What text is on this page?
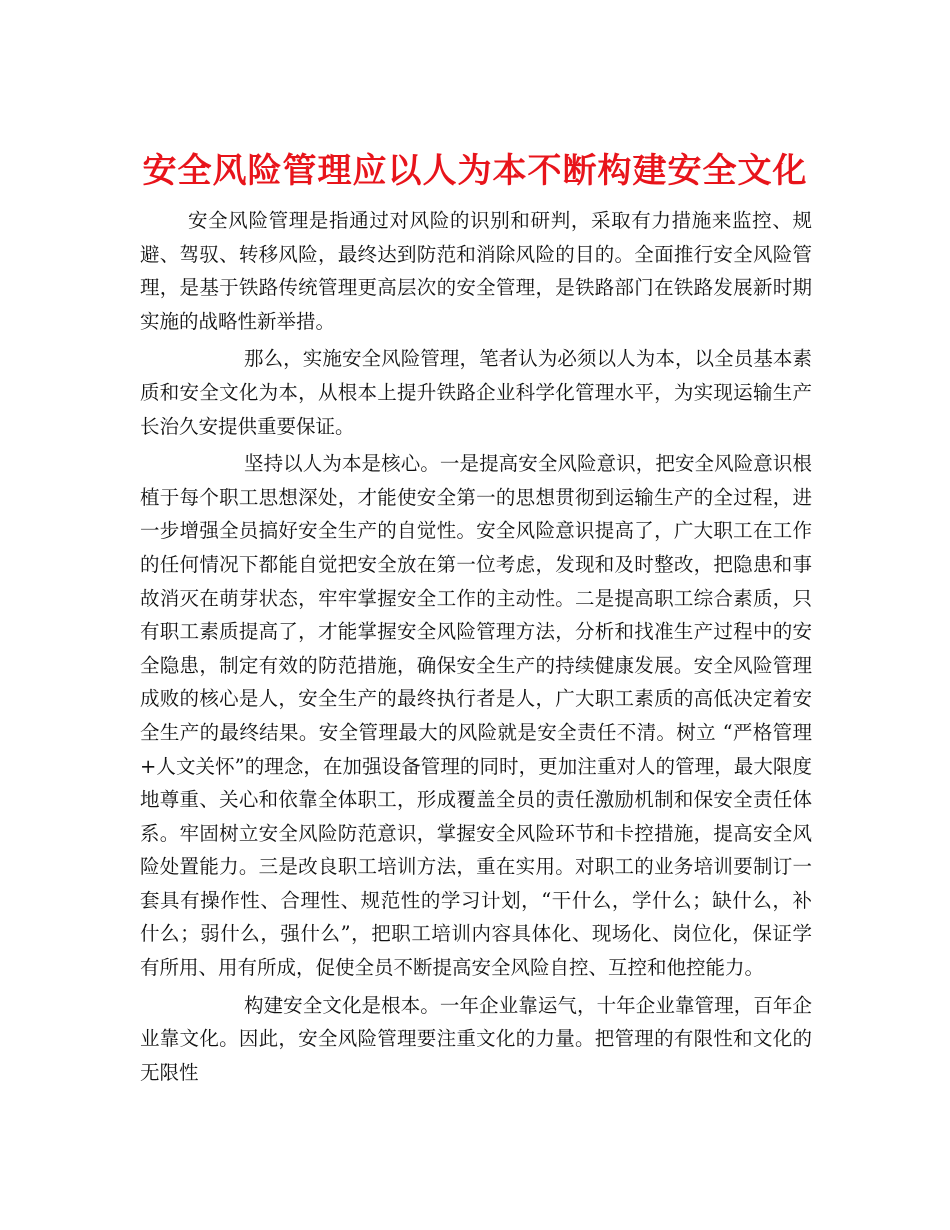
安全风险管理应以人为本不断构建安全文化

安全风险管理是指通过对风险的识别和研判，采取有力措施来监控、规避、驾驭、转移风险，最终达到防范和消除风险的目的。全面推行安全风险管理，是基于铁路传统管理更高层次的安全管理，是铁路部门在铁路发展新时期实施的战略性新举措。

那么，实施安全风险管理，笔者认为必须以人为本，以全员基本素质和安全文化为本，从根本上提升铁路企业科学化管理水平，为实现运输生产长治久安提供重要保证。

坚持以人为本是核心。一是提高安全风险意识，把安全风险意识根植于每个职工思想深处，才能使安全第一的思想贯彻到运输生产的全过程，进一步增强全员搞好安全生产的自觉性。安全风险意识提高了，广大职工在工作的任何情况下都能自觉把安全放在第一位考虑，发现和及时整改，把隐患和事故消灭在萌芽状态，牢牢掌握安全工作的主动性。二是提高职工综合素质，只有职工素质提高了，才能掌握安全风险管理方法，分析和找准生产过程中的安全隐患，制定有效的防范措施，确保安全生产的持续健康发展。安全风险管理成败的核心是人，安全生产的最终执行者是人，广大职工素质的高低决定着安全生产的最终结果。安全管理最大的风险就是安全责任不清。树立 “严格管理+人文关怀”的理念，在加强设备管理的同时，更加注重对人的管理，最大限度地尊重、关心和依靠全体职工，形成覆盖全员的责任激励机制和保安全责任体系。牢固树立安全风险防范意识，掌握安全风险环节和卡控措施，提高安全风险处置能力。三是改良职工培训方法，重在实用。对职工的业务培训要制订一套具有操作性、合理性、规范性的学习计划，“干什么，学什么；缺什么，补什么；弱什么，强什么”，把职工培训内容具体化、现场化、岗位化，保证学有所用、用有所成，促使全员不断提高安全风险自控、互控和他控能力。

构建安全文化是根本。一年企业靠运气，十年企业靠管理，百年企业靠文化。因此，安全风险管理要注重文化的力量。把管理的有限性和文化的无限性
